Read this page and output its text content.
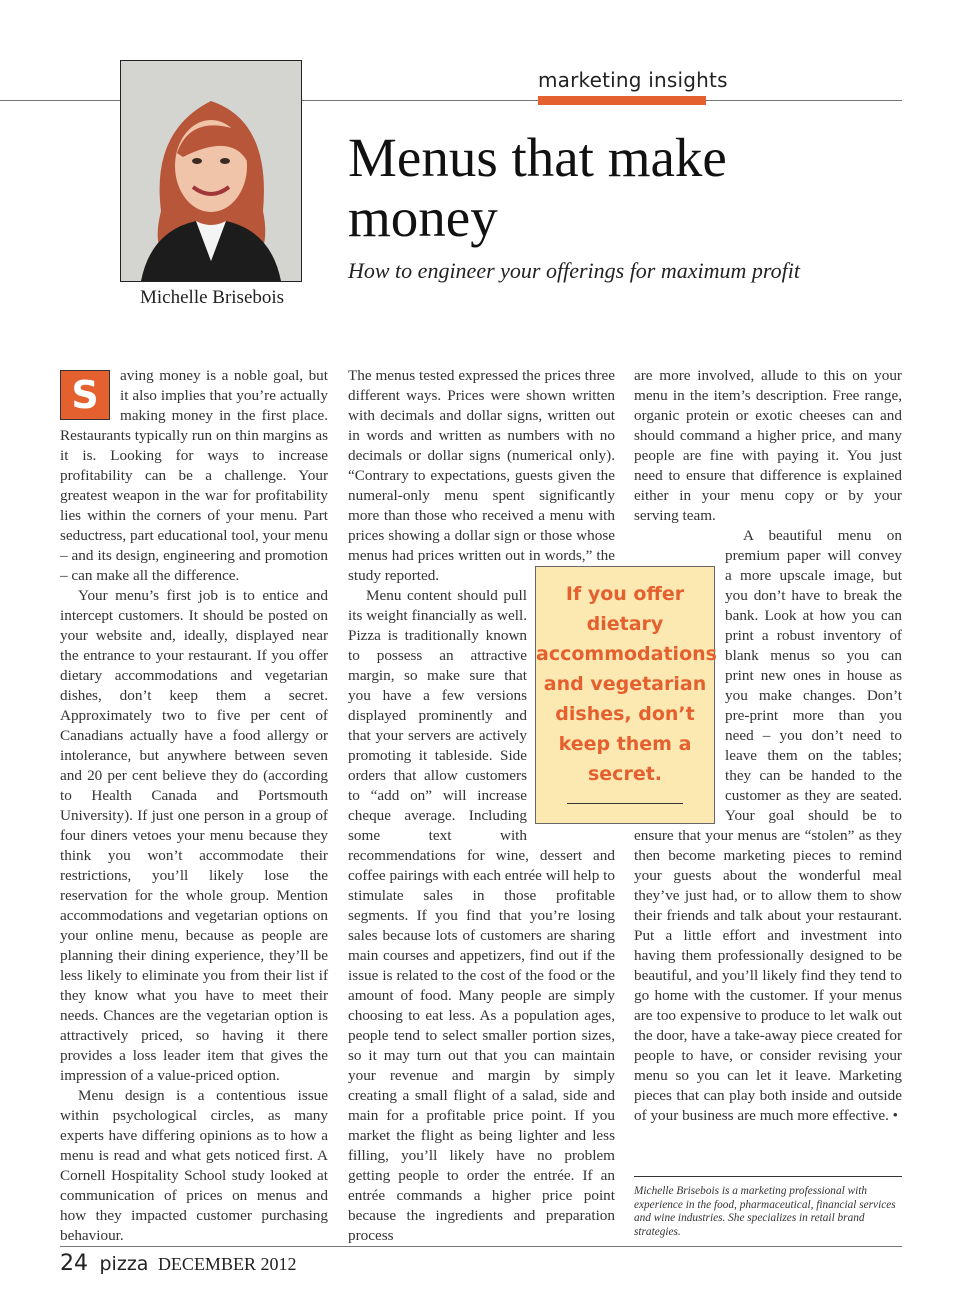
marketing insights
Michelle Brisebois
Menus that make money
How to engineer your offerings for maximum profit
S	aving money is a noble goal, but it also implies that you’re actually making money in the first place. Restaurants typically run on thin margins as it is. Looking for ways to increase profitability can be a challenge. Your greatest weapon in the war for profitability lies within the corners of your menu. Part seductress, part educational tool, your menu – and its design, engineering and promotion – can make all the difference.

Your menu’s first job is to entice and intercept customers. It should be posted on your website and, ideally, displayed near the entrance to your restaurant. If you offer dietary accommodations and vegetarian dishes, don’t keep them a secret. Approximately two to five per cent of Canadians actually have a food allergy or intolerance, but anywhere between seven and 20 per cent believe they do (according to Health Canada and Portsmouth University). If just one person in a group of four diners vetoes your menu because they think you won’t accommodate their restrictions, you’ll likely lose the reservation for the whole group. Mention accommodations and vegetarian options on your online menu, because as people are planning their dining experience, they’ll be less likely to eliminate you from their list if they know what you have to meet their needs. Chances are the vegetarian option is attractively priced, so having it there provides a loss leader item that gives the impression of a value-priced option.

Menu design is a contentious issue within psychological circles, as many experts have differing opinions as to how a menu is read and what gets noticed first. A Cornell Hospitality School study looked at communication of prices on menus and how they impacted customer purchasing behaviour.

The menus tested expressed the prices three different ways. Prices were shown written with decimals and dollar signs, written out in words and written as numbers with no decimals or dollar signs (numerical only). “Contrary to expectations, guests given the numeral-only menu spent significantly more than those who received a menu with prices showing a dollar sign or those whose menus had prices written out in words,” the study reported.

Menu content should pull its weight financially as well. Pizza is traditionally known to possess an attractive margin, so make sure that you have a few versions displayed prominently and that your servers are actively promoting it tableside. Side orders that allow customers to “add on” will increase cheque average. Including some text with recommendations for wine, dessert and coffee pairings with each entrée will help to stimulate sales in those profitable segments. If you find that you’re losing sales because lots of customers are sharing main courses and appetizers, find out if the issue is related to the cost of the food or the amount of food. Many people are simply choosing to eat less. As a population ages, people tend to select smaller portion sizes, so it may turn out that you can maintain your revenue and margin by simply creating a small flight of a salad, side and main for a profitable price point. If you market the flight as being lighter and less filling, you’ll likely have no problem getting people to order the entrée. If an entrée commands a higher price point because the ingredients and preparation process

are more involved, allude to this on your menu in the item’s description. Free range, organic protein or exotic cheeses can and should command a higher price, and many people are fine with paying it. You just need to ensure that difference is explained either in your menu copy or by your serving team.

A beautiful menu on premium paper will convey a more upscale image, but you don’t have to break the bank. Look at how you can print a robust inventory of blank menus so you can print new ones in house as you make changes. Don’t pre-print more than you need – you don’t need to leave them on the tables; they can be handed to the customer as they are seated. Your goal should be to ensure that your menus are “stolen” as they then become marketing pieces to remind your guests about the wonderful meal they’ve just had, or to allow them to show their friends and talk about your restaurant. Put a little effort and investment into having them professionally designed to be beautiful, and you’ll likely find they tend to go home with the customer. If your menus are too expensive to produce to let walk out the door, have a take-away piece created for people to have, or consider revising your menu so you can let it leave. Marketing pieces that can play both inside and outside of your business are much more effective. •

If you offer dietary accommodations and vegetarian dishes, don’t keep them a secret.
Michelle Brisebois is a marketing professional with experience in the food, pharmaceutical, financial services and wine industries. She specializes in retail brand strategies.
24 pizza DECEMBER 2012
